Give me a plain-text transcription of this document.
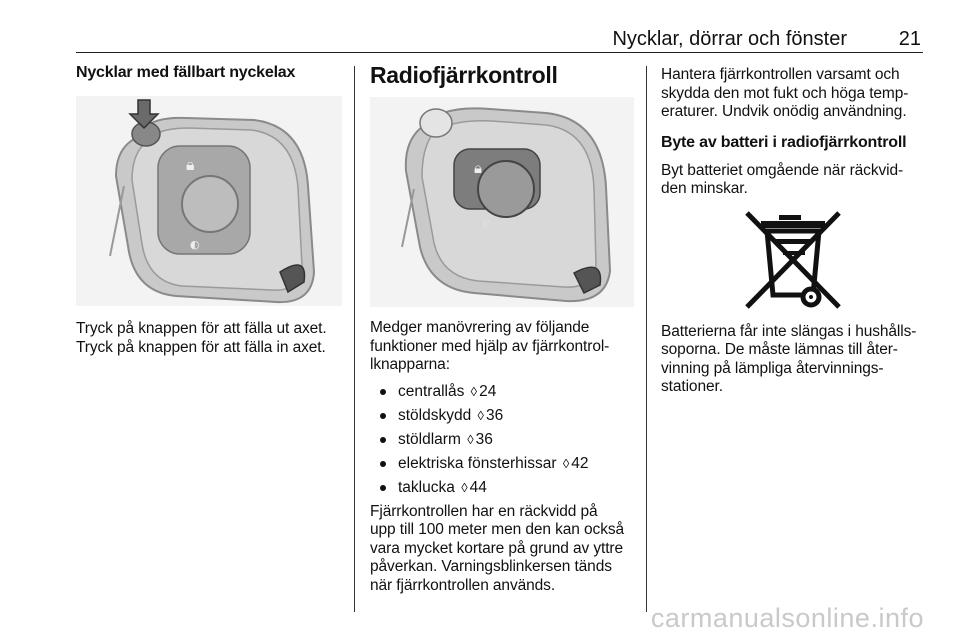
Nycklar, dörrar och fönster	21
Nycklar med fällbart nyckelax
🔒︎
◐

Tryck på knappen för att fälla ut axet.

Tryck på knappen för att fälla in axet.

Radiofjärrkontroll
🔒︎
◐

Medger manövrering av följande

funktioner med hjälp av fjärrkontrol-

lknapparna:

centrallås ◊ 24
stöldskydd ◊ 36
stöldlarm ◊ 36
elektriska fönsterhissar ◊ 42
taklucka ◊ 44

Fjärrkontrollen har en räckvidd på

upp till 100 meter men den kan också

vara mycket kortare på grund av yttre

påverkan. Varningsblinkersen tänds

när fjärrkontrollen används.

Hantera fjärrkontrollen varsamt och

skydda den mot fukt och höga temp-

eraturer. Undvik onödig användning.

Byte av batteri i radiofjärrkontroll

Byt batteriet omgående när räckvid-

den minskar.

Batterierna får inte slängas i hushålls-

soporna. De måste lämnas till åter-

vinning på lämpliga återvinnings-

stationer.

carmanualsonline.info
